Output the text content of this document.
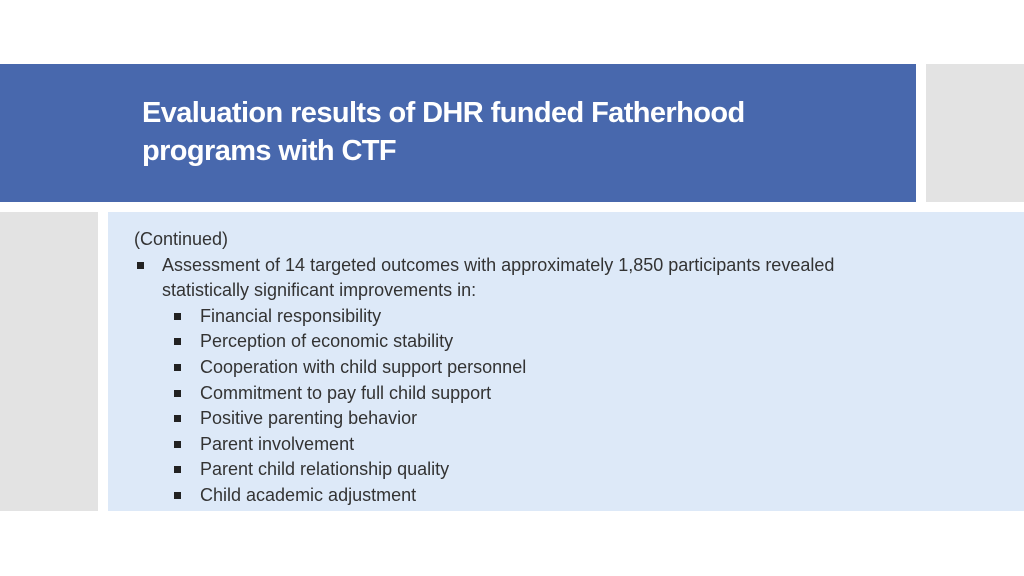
Evaluation results of DHR funded Fatherhood programs with CTF

(Continued)

Assessment of 14 targeted outcomes with approximately 1,850 participants revealed statistically significant improvements in:
Financial responsibility
Perception of economic stability
Cooperation with child support personnel
Commitment to pay full child support
Positive parenting behavior
Parent involvement
Parent child relationship quality
Child academic adjustment
